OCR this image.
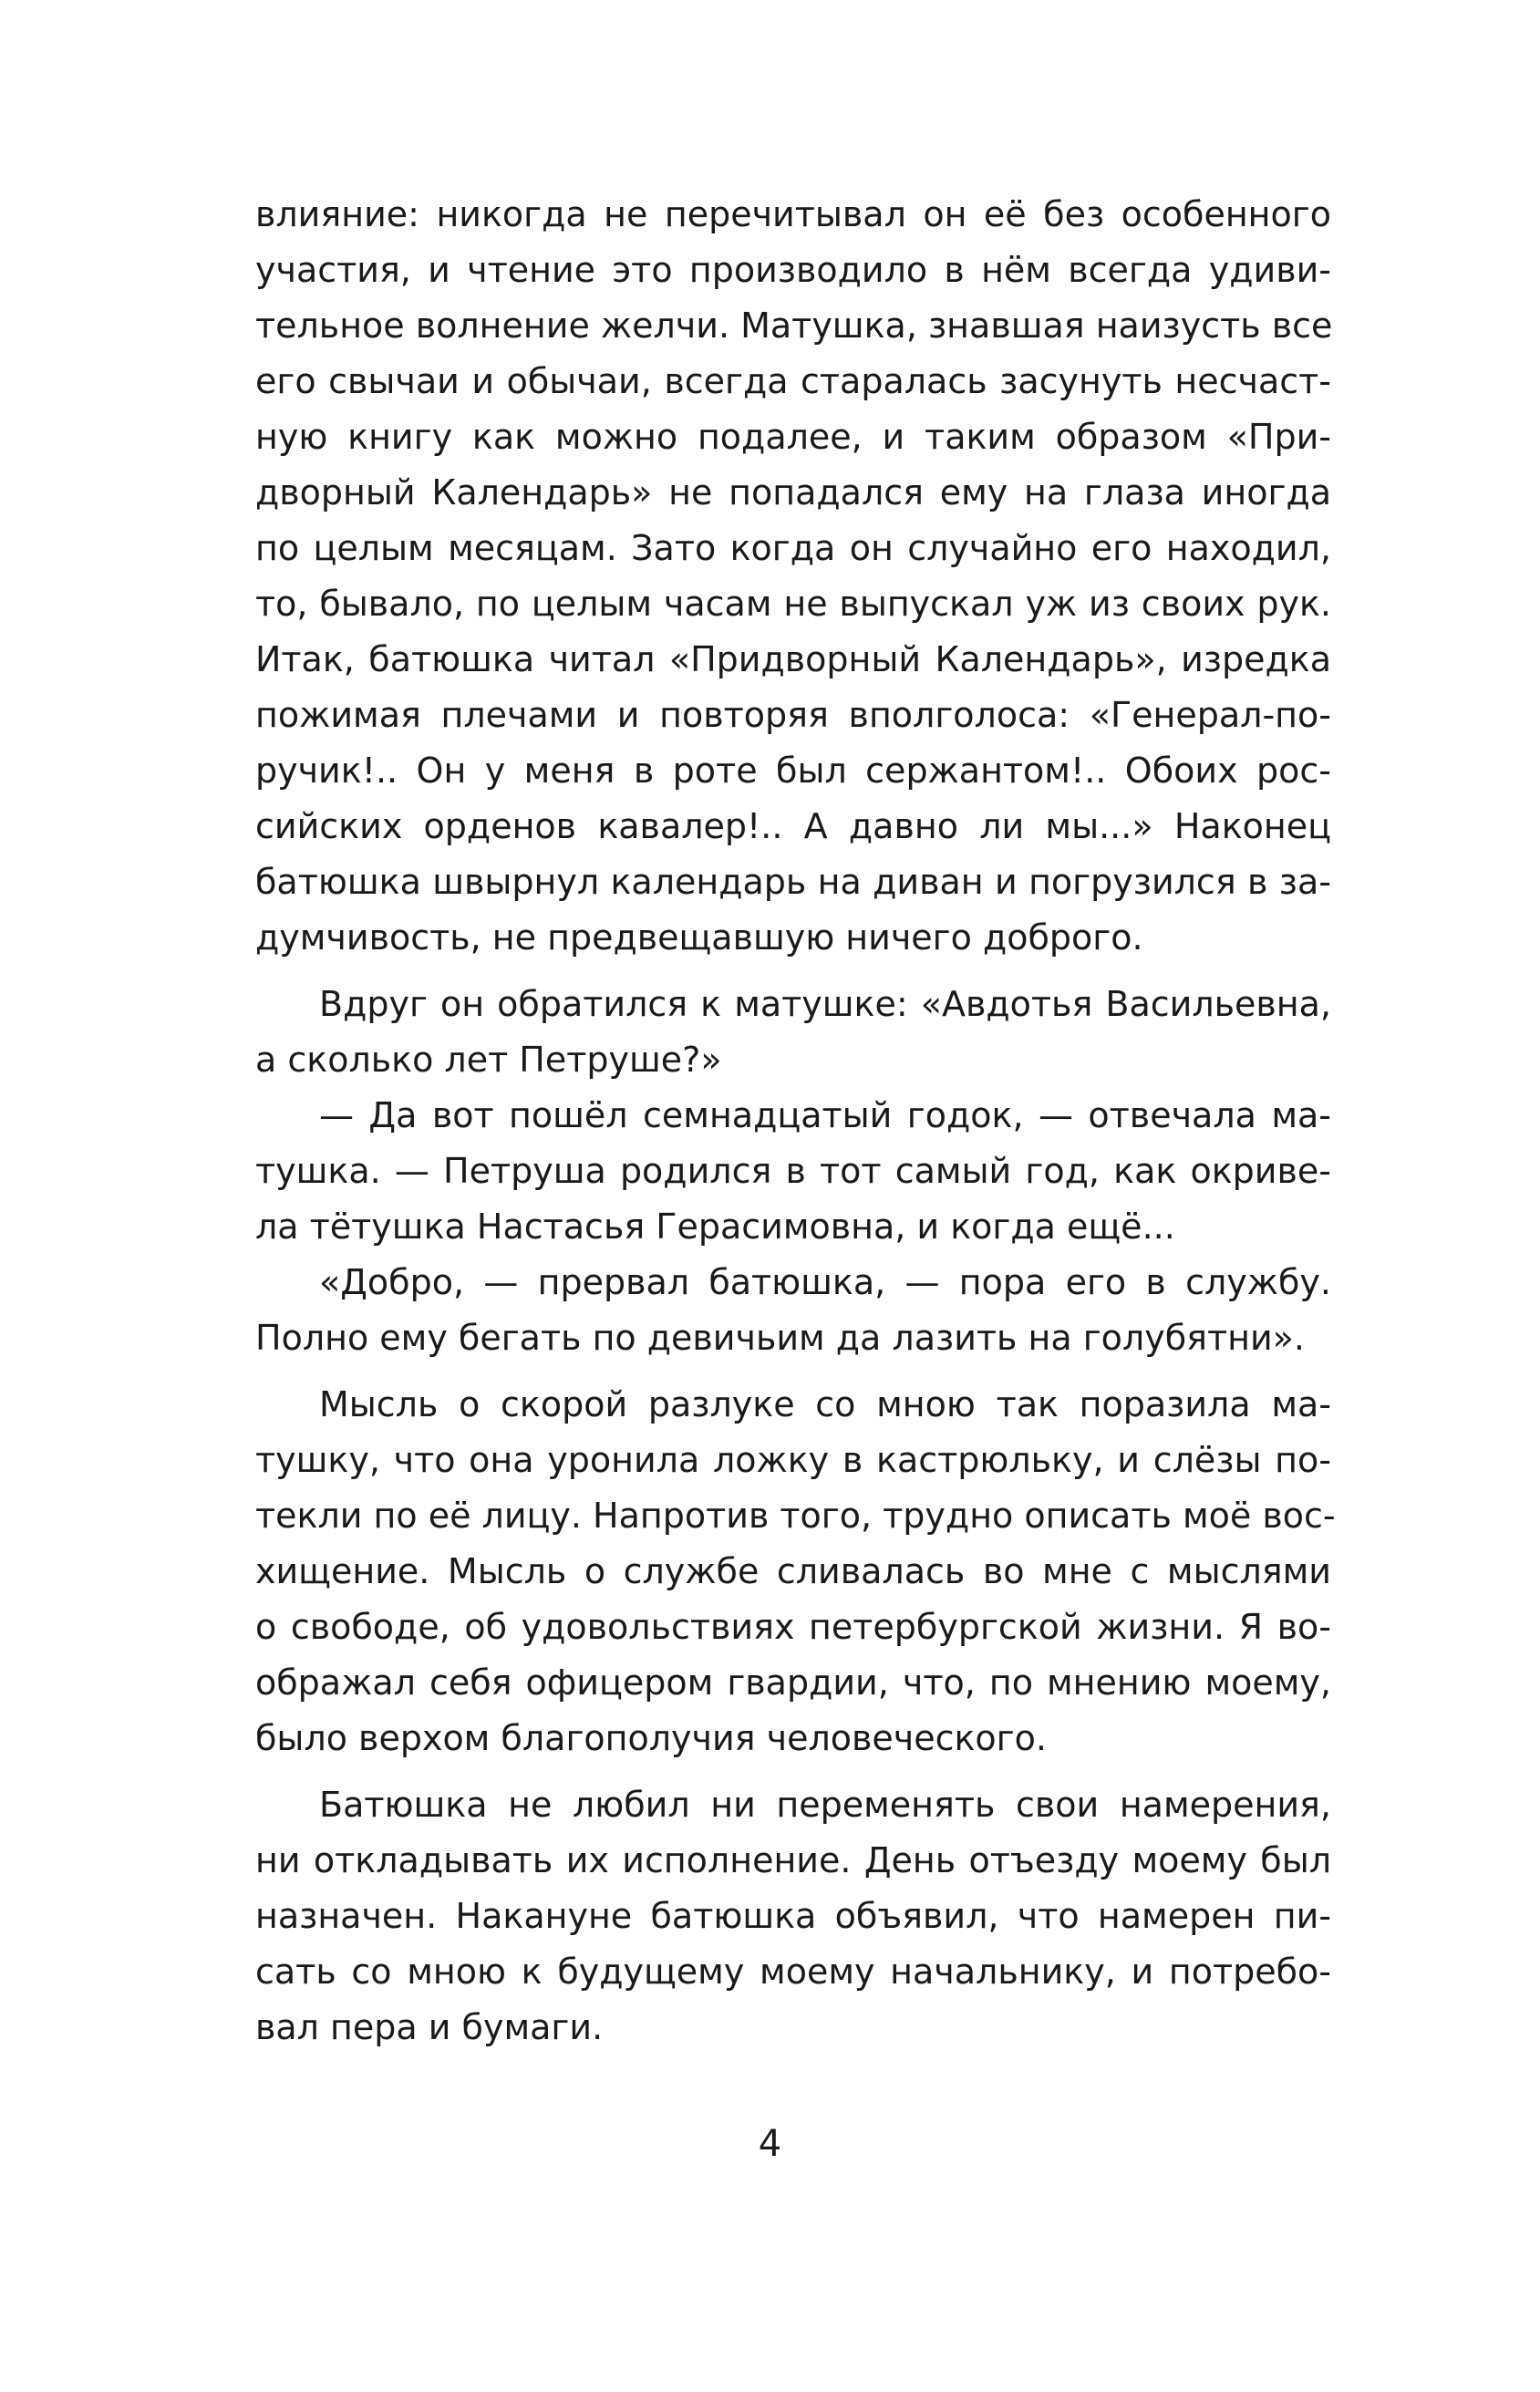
влияние: никогда не перечитывал он её без особенного
участия, и чтение это производило в нём всегда удиви-
тельное волнение желчи. Матушка, знавшая наизусть все
его свычаи и обычаи, всегда старалась засунуть несчаст-
ную книгу как можно подалее, и таким образом «При-
дворный Календарь» не попадался ему на глаза иногда
по целым месяцам. Зато когда он случайно его находил,
то, бывало, по целым часам не выпускал уж из своих рук.
Итак, батюшка читал «Придворный Календарь», изредка
пожимая плечами и повторяя вполголоса: «Генерал-по-
ручик!.. Он у меня в роте был сержантом!.. Обоих рос-
сийских орденов кавалер!.. А давно ли мы...» Наконец
батюшка швырнул календарь на диван и погрузился в за-
думчивость, не предвещавшую ничего доброго.
Вдруг он обратился к матушке: «Авдотья Васильевна,
а сколько лет Петруше?»
— Да вот пошёл семнадцатый годок, — отвечала ма-
тушка. — Петруша родился в тот самый год, как окриве-
ла тётушка Настасья Герасимовна, и когда ещё...
«Добро, — прервал батюшка, — пора его в службу.
Полно ему бегать по девичьим да лазить на голубятни».
Мысль о скорой разлуке со мною так поразила ма-
тушку, что она уронила ложку в кастрюльку, и слёзы по-
текли по её лицу. Напротив того, трудно описать моё вос-
хищение. Мысль о службе сливалась во мне с мыслями
о свободе, об удовольствиях петербургской жизни. Я во-
ображал себя офицером гвардии, что, по мнению моему,
было верхом благополучия человеческого.
Батюшка не любил ни переменять свои намерения,
ни откладывать их исполнение. День отъезду моему был
назначен. Накануне батюшка объявил, что намерен пи-
сать со мною к будущему моему начальнику, и потребо-
вал пера и бумаги.
4
